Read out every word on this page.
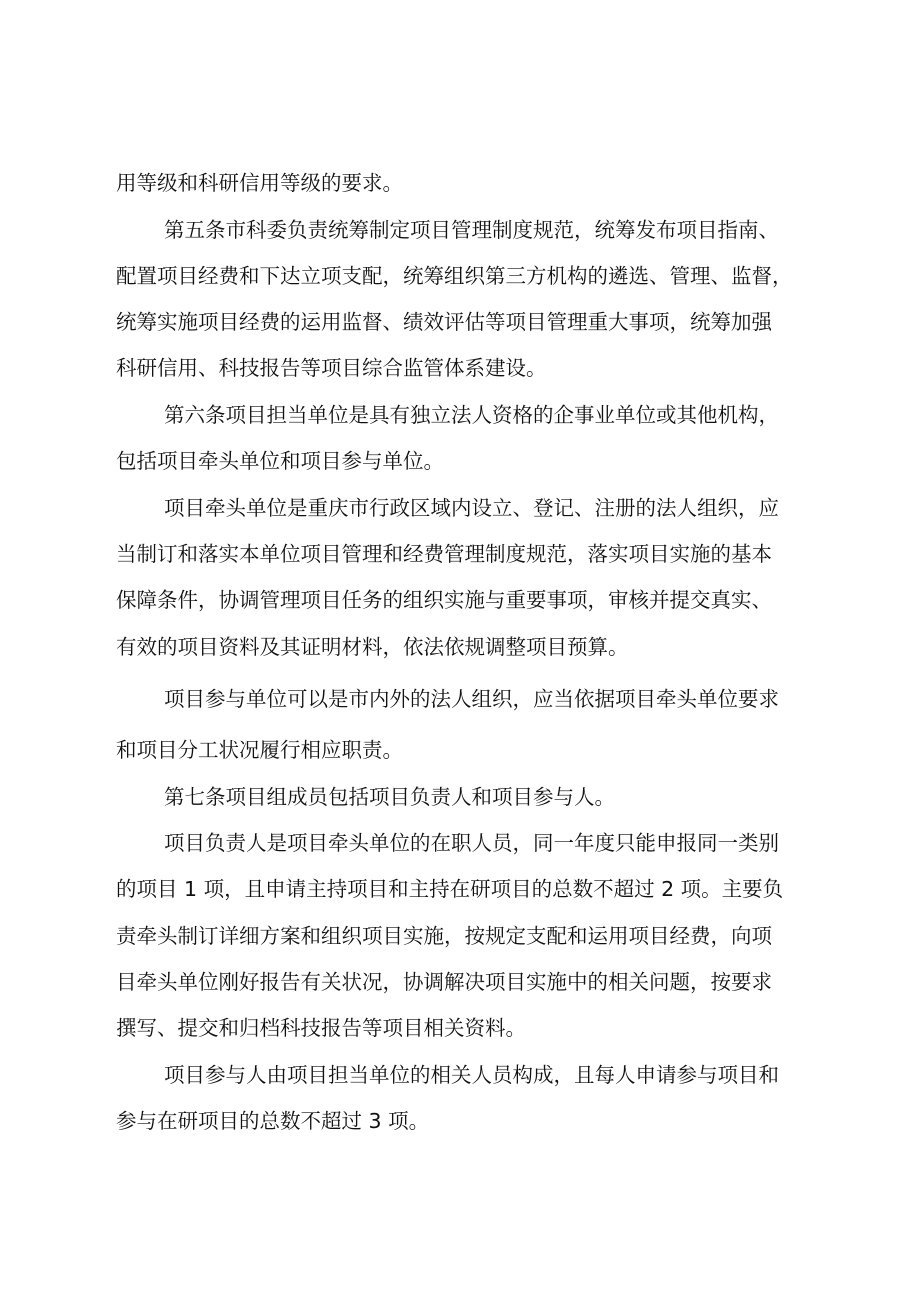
用等级和科研信用等级的要求。
第五条市科委负责统筹制定项目管理制度规范，统筹发布项目指南、
配置项目经费和下达立项支配，统筹组织第三方机构的遴选、管理、监督，
统筹实施项目经费的运用监督、绩效评估等项目管理重大事项，统筹加强
科研信用、科技报告等项目综合监管体系建设。
第六条项目担当单位是具有独立法人资格的企事业单位或其他机构，
包括项目牵头单位和项目参与单位。
项目牵头单位是重庆市行政区域内设立、登记、注册的法人组织，应
当制订和落实本单位项目管理和经费管理制度规范，落实项目实施的基本
保障条件，协调管理项目任务的组织实施与重要事项，审核并提交真实、
有效的项目资料及其证明材料，依法依规调整项目预算。
项目参与单位可以是市内外的法人组织，应当依据项目牵头单位要求
和项目分工状况履行相应职责。
第七条项目组成员包括项目负责人和项目参与人。
项目负责人是项目牵头单位的在职人员，同一年度只能申报同一类别
的项目 1 项，且申请主持项目和主持在研项目的总数不超过 2 项。主要负
责牵头制订详细方案和组织项目实施，按规定支配和运用项目经费，向项
目牵头单位刚好报告有关状况，协调解决项目实施中的相关问题，按要求
撰写、提交和归档科技报告等项目相关资料。
项目参与人由项目担当单位的相关人员构成，且每人申请参与项目和
参与在研项目的总数不超过 3 项。
